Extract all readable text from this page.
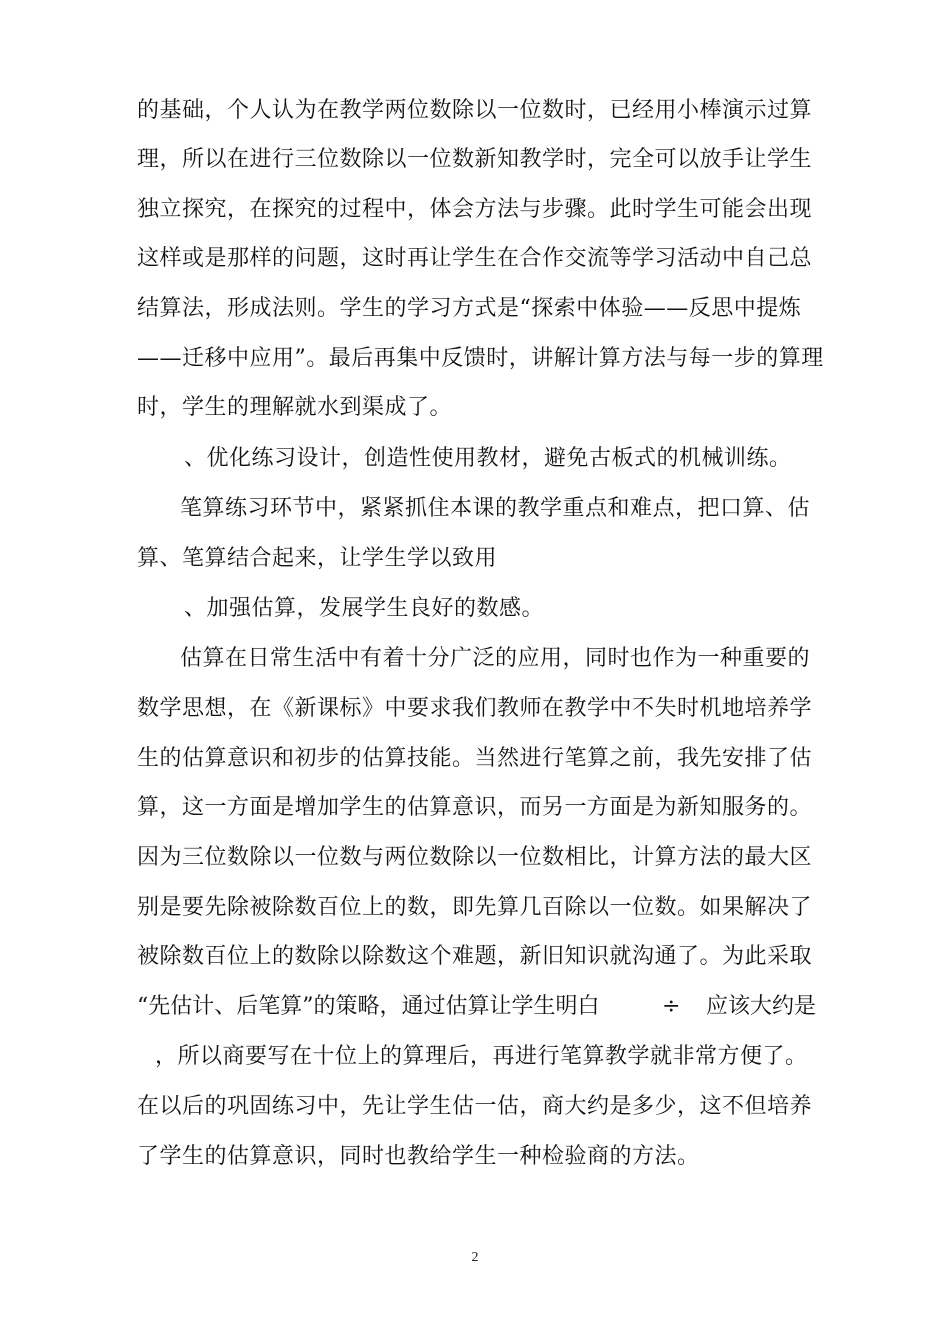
的基础，个人认为在教学两位数除以一位数时，已经用小棒演示过算
理，所以在进行三位数除以一位数新知教学时，完全可以放手让学生
独立探究，在探究的过程中，体会方法与步骤。此时学生可能会出现
这样或是那样的问题，这时再让学生在合作交流等学习活动中自己总
结算法，形成法则。学生的学习方式是“探索中体验——反思中提炼
——迁移中应用”。最后再集中反馈时，讲解计算方法与每一步的算理
时，学生的理解就水到渠成了。
、优化练习设计，创造性使用教材，避免古板式的机械训练。
笔算练习环节中，紧紧抓住本课的教学重点和难点，把口算、估
算、笔算结合起来，让学生学以致用
、加强估算，发展学生良好的数感。
估算在日常生活中有着十分广泛的应用，同时也作为一种重要的
数学思想，在《新课标》中要求我们教师在教学中不失时机地培养学
生的估算意识和初步的估算技能。当然进行笔算之前，我先安排了估
算，这一方面是增加学生的估算意识，而另一方面是为新知服务的。
因为三位数除以一位数与两位数除以一位数相比，计算方法的最大区
别是要先除被除数百位上的数，即先算几百除以一位数。如果解决了
被除数百位上的数除以除数这个难题，新旧知识就沟通了。为此采取
“先估计、后笔算”的策略，通过估算让学生明白	÷ 应该大约是
，所以商要写在十位上的算理后，再进行笔算教学就非常方便了。
在以后的巩固练习中，先让学生估一估，商大约是多少，这不但培养
了学生的估算意识，同时也教给学生一种检验商的方法。
2
